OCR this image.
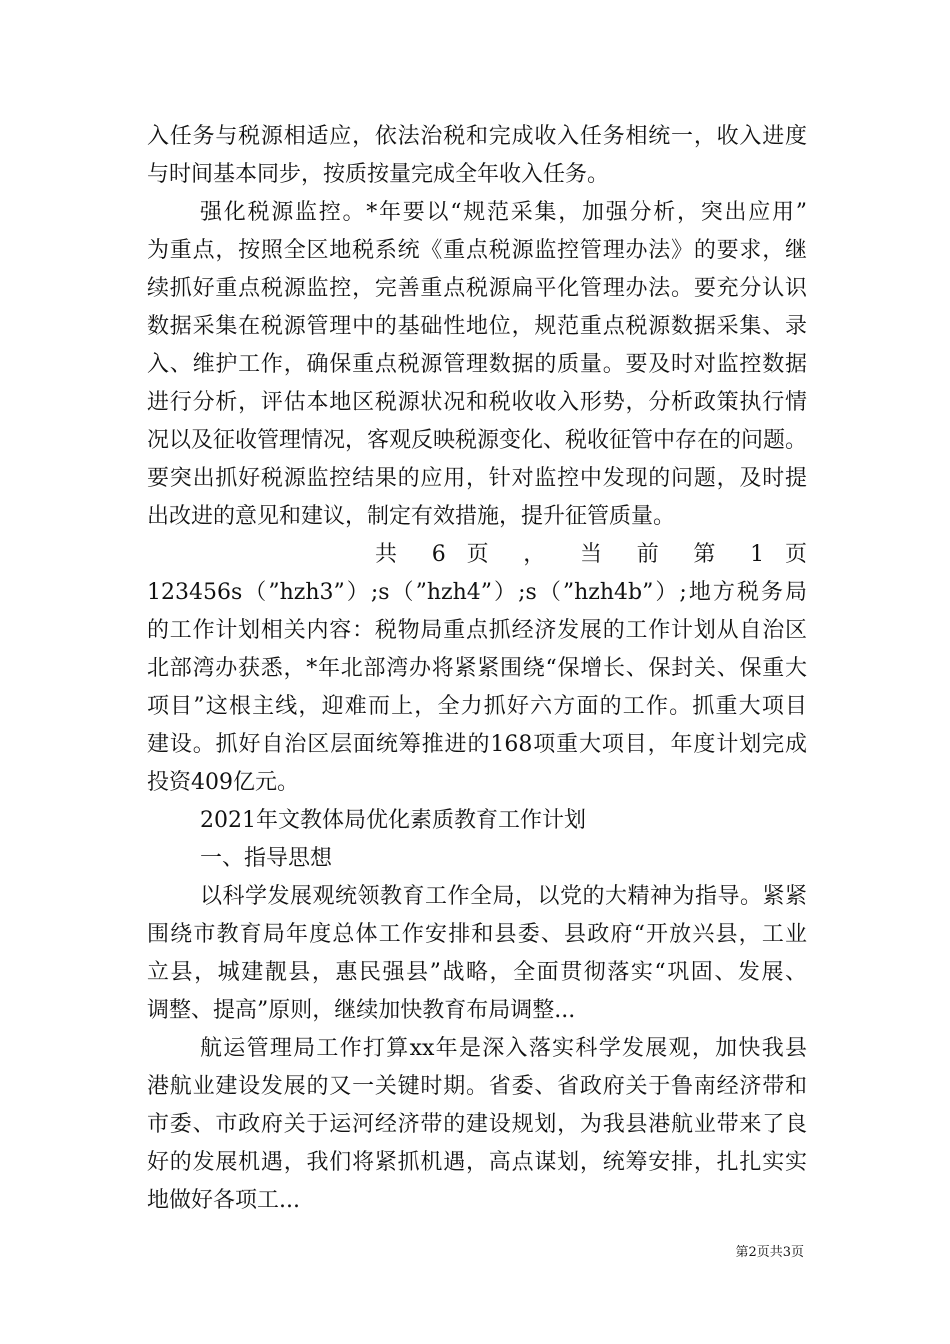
入任务与税源相适应，依法治税和完成收入任务相统一，收入进度
与时间基本同步，按质按量完成全年收入任务。
强化税源监控。*年要以“规范采集，加强分析，突出应用”
为重点，按照全区地税系统《重点税源监控管理办法》的要求，继
续抓好重点税源监控，完善重点税源扁平化管理办法。要充分认识
数据采集在税源管理中的基础性地位，规范重点税源数据采集、录
入、维护工作，确保重点税源管理数据的质量。要及时对监控数据
进行分析，评估本地区税源状况和税收收入形势，分析政策执行情
况以及征收管理情况，客观反映税源变化、税收征管中存在的问题。
要突出抓好税源监控结果的应用，针对监控中发现的问题，及时提
出改进的意见和建议，制定有效措施，提升征管质量。
共 6 页 ， 当 前 第 1 页
123456s（”hzh3”）;s（”hzh4”）;s（”hzh4b”）;地方税务局
的工作计划相关内容：税物局重点抓经济发展的工作计划从自治区
北部湾办获悉，*年北部湾办将紧紧围绕“保增长、保封关、保重大
项目”这根主线，迎难而上，全力抓好六方面的工作。抓重大项目
建设。抓好自治区层面统筹推进的168项重大项目，年度计划完成
投资409亿元。
2021年文教体局优化素质教育工作计划
一、指导思想
以科学发展观统领教育工作全局，以党的大精神为指导。紧紧
围绕市教育局年度总体工作安排和县委、县政府“开放兴县，工业
立县，城建靓县，惠民强县”战略，全面贯彻落实“巩固、发展、
调整、提高”原则，继续加快教育布局调整...
航运管理局工作打算xx年是深入落实科学发展观，加快我县
港航业建设发展的又一关键时期。省委、省政府关于鲁南经济带和
市委、市政府关于运河经济带的建设规划，为我县港航业带来了良
好的发展机遇，我们将紧抓机遇，高点谋划，统筹安排，扎扎实实
地做好各项工...
第2页共3页
